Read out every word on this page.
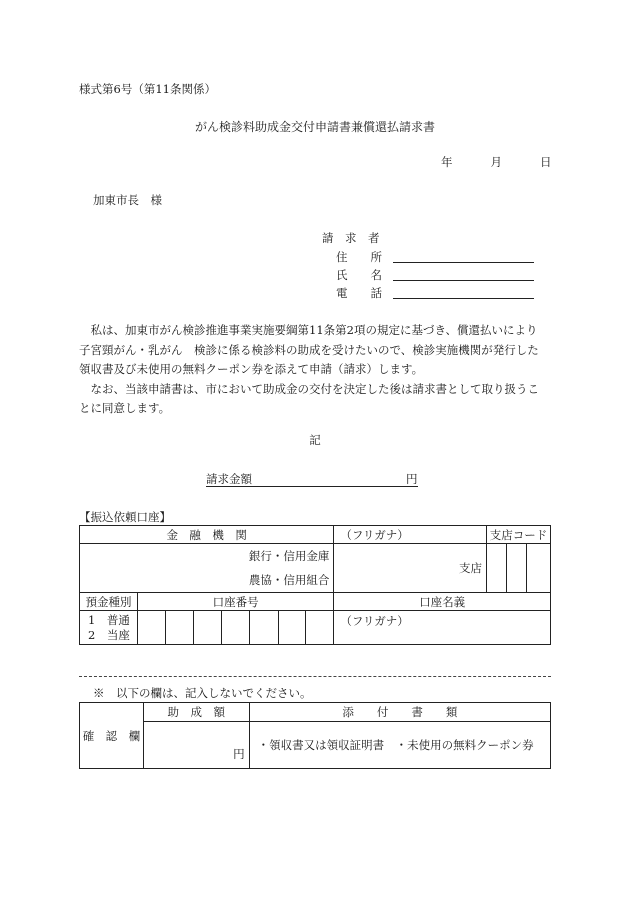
様式第6号（第11条関係）
がん検診料助成金交付申請書兼償還払請求書
年	月	日
加東市長　様
請　求　者
住　　所
氏　　名
電　　話

　私は、加東市がん検診推進事業実施要綱第11条第2項の規定に基づき、償還払いにより

子宮頸がん・乳がん　検診に係る検診料の助成を受けたいので、検診実施機関が発行した

領収書及び未使用の無料クーポン券を添えて申請（請求）します。

　なお、当該申請書は、市において助成金の交付を決定した後は請求書として取り扱うこ

とに同意します。

記
請求金額	円
【振込依頼口座】
金　融　機　関								（フリガナ）	支店コード		

銀行・信用金庫
農協・信用組合								支店			
預金種別	口座番号							口座名義			

1　普通
2　当座								（フリガナ）			
※　以下の欄は、記入しないでください。
確　認　欄	助　成　額	添　　付　　書　　類
	円	・領収書又は領収証明書　・未使用の無料クーポン券
